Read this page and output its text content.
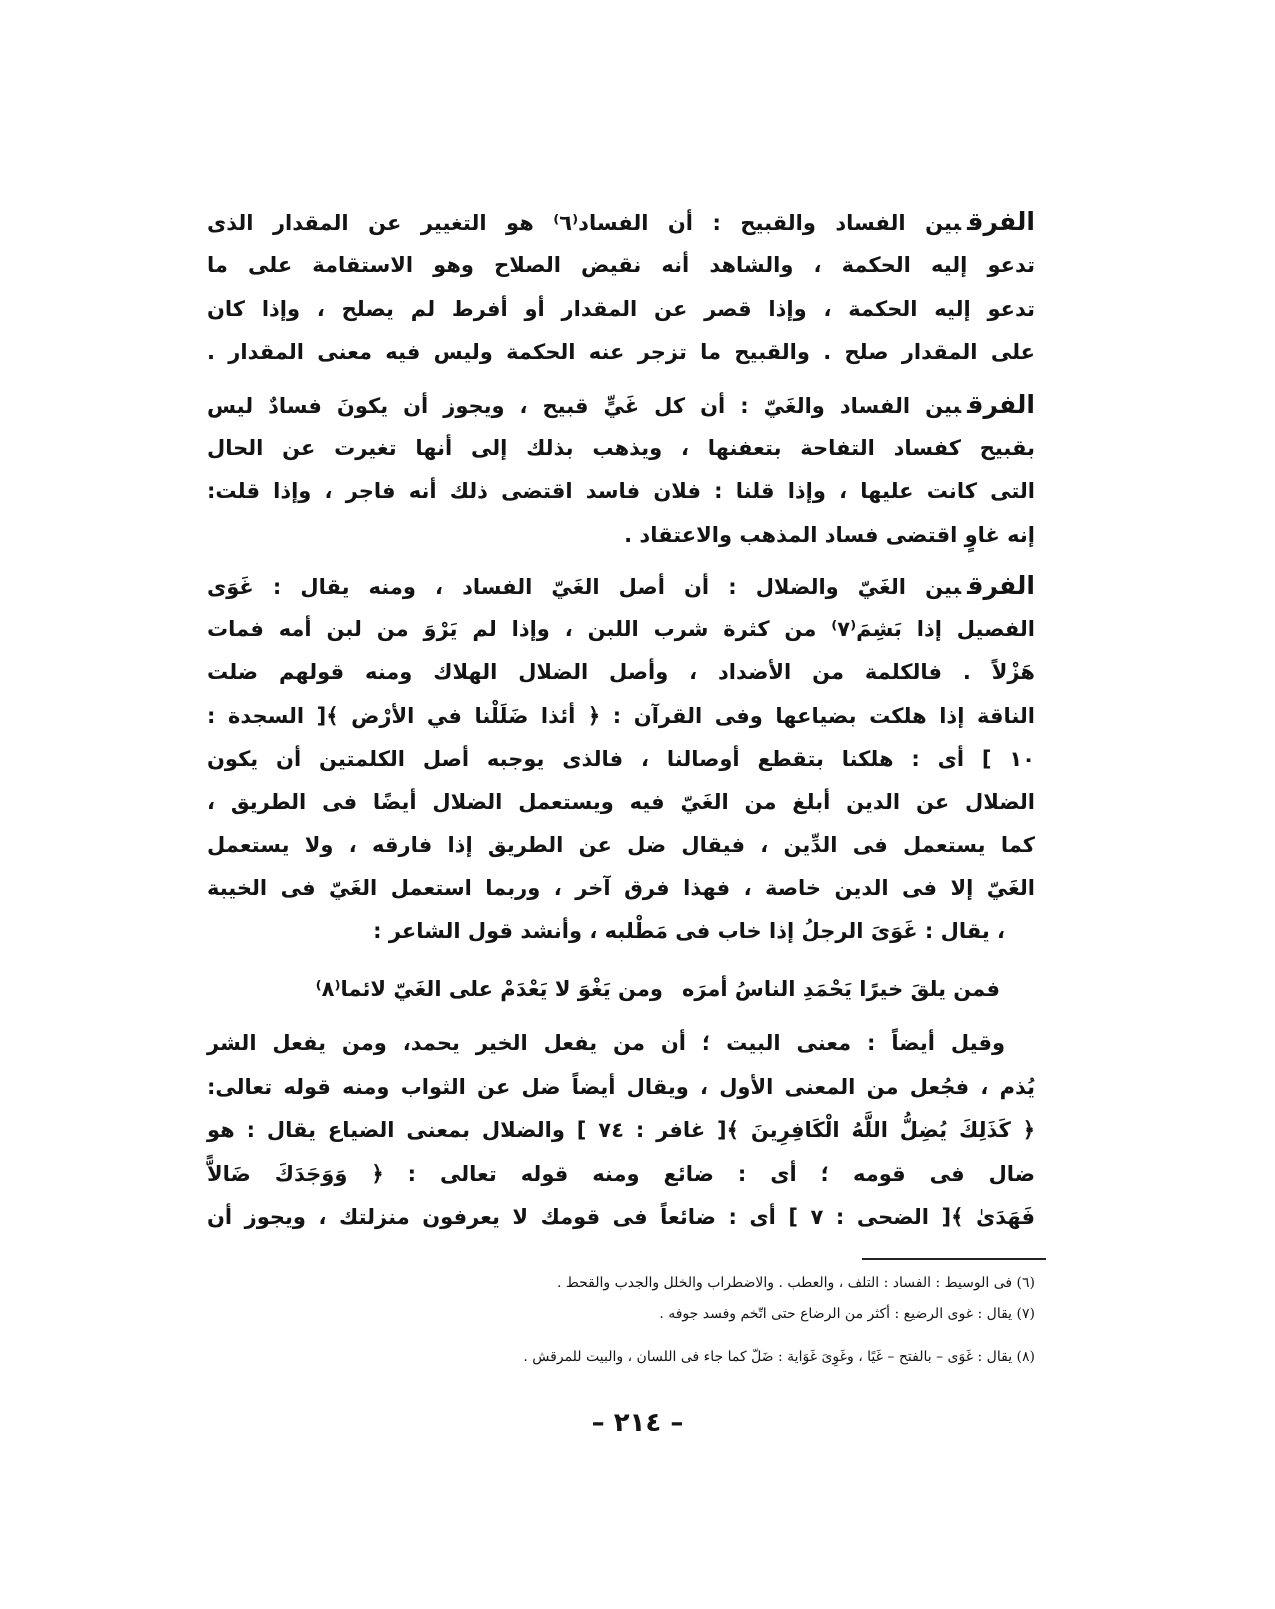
الفرقبين الفساد والقبيح : أن الفساد⁽٦⁾ هو التغيير عن المقدار الذى
تدعو إليه الحكمة ، والشاهد أنه نقيض الصلاح وهو الاستقامة على ما
تدعو إليه الحكمة ، وإذا قصر عن المقدار أو أفرط لم يصلح ، وإذا كان
على المقدار صلح . والقبيح ما تزجر عنه الحكمة وليس فيه معنى المقدار .
الفرقبين الفساد والغَيّ : أن كل غَيٍّ قبيح ، ويجوز أن يكونَ فسادٌ ليس
بقبيح كفساد التفاحة بتعفنها ، ويذهب بذلك إلى أنها تغيرت عن الحال
التى كانت عليها ، وإذا قلنا : فلان فاسد اقتضى ذلك أنه فاجر ، وإذا قلت:
إنه غاوٍ اقتضى فساد المذهب والاعتقاد .
الفرقبين الغَيّ والضلال : أن أصل الغَيّ الفساد ، ومنه يقال : غَوَى
الفصيل إذا بَشِمَ⁽٧⁾ من كثرة شرب اللبن ، وإذا لم يَرْوَ من لبن أمه فمات
هَزْلاً . فالكلمة من الأضداد ، وأصل الضلال الهلاك ومنه قولهم ضلت
الناقة إذا هلكت بضياعها وفى القرآن : ﴿ أئذا ضَلَلْنا في الأرْض ﴾[ السجدة :
١٠ ] أى : هلكنا بتقطع أوصالنا ، فالذى يوجبه أصل الكلمتين أن يكون
الضلال عن الدين أبلغ من الغَيّ فيه ويستعمل الضلال أيضًا فى الطريق ،
كما يستعمل فى الدِّين ، فيقال ضل عن الطريق إذا فارقه ، ولا يستعمل
الغَيّ إلا فى الدين خاصة ، فهذا فرق آخر ، وربما استعمل الغَيّ فى الخيبة
، يقال : غَوَىَ الرجلُ إذا خاب فى مَطْلبه ، وأنشد قول الشاعر :
فمن يلقَ خيرًا يَحْمَدِ الناسُ أمرَه
ومن يَغْوَ لا يَعْدَمْ على الغَيّ لائما⁽٨⁾
وقيل أيضاً : معنى البيت ؛ أن من يفعل الخير يحمد، ومن يفعل الشر
يُذم ، فجُعل من المعنى الأول ، ويقال أيضاً ضل عن الثواب ومنه قوله تعالى:
﴿ كَذَلِكَ يُضِلُّ اللَّهُ الْكَافِرِينَ ﴾[ غافر : ٧٤ ] والضلال بمعنى الضياع يقال : هو
ضال فى قومه ؛ أى : ضائع ومنه قوله تعالى : ﴿ وَوَجَدَكَ ضَالاًّ
فَهَدَىٰ ﴾[ الضحى : ٧ ] أى : ضائعاً فى قومك لا يعرفون منزلتك ، ويجوز أن
(٦) فى الوسيط : الفساد : التلف ، والعطب . والاضطراب والخلل والجدب والقحط .
(٧) يقال : غوى الرضيع : أكثر من الرضاع حتى اتّخم وفسد جوفه .
(٨) يقال : غَوَى – بالفتح – غَيًا ، وغَوِىَ غَوَاية : ضَلّ كما جاء فى اللسان ، والبيت للمرقش .
– ٢١٤ –
